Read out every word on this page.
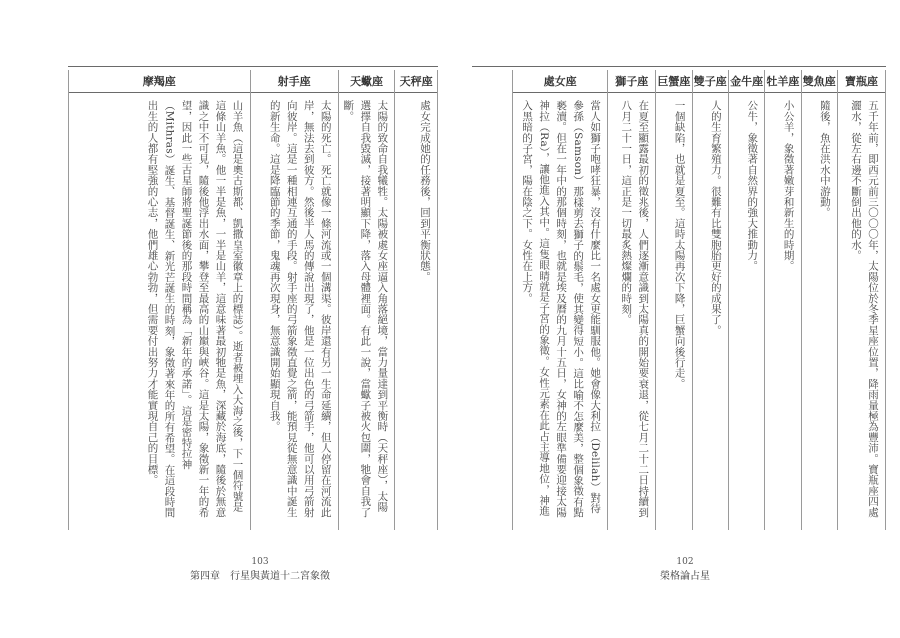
天秤座
處女完成她的任務後，回到平衡狀態。
天蠍座
太陽的致命自我犧牲。太陽被處女座逼入角落絕境，當力量達到平衡時（天秤座），太陽選擇自我毀滅，接著明顯下降，落入母體裡面。有此一說，當蠍子被火包圍，牠會自我了斷。
射手座
太陽的死亡。死亡就像一條河流或一個溝渠。彼岸還有另一生命延續，但人停留在河流此岸，無法去到彼方。然後半人馬的傳說出現了，他是一位出色的弓箭手，他可以用弓箭射向彼岸。這是一種相連互通的手段。射手座的弓箭象徵直覺之箭，能預見從無意識中誕生的新生命。這是降臨節的季節，鬼魂再次現身，無意識開始顯現自我。
摩羯座
山羊魚（這是奧古斯都、凱撒皇室徽章上的標誌）。逝者被埋入大海之後，下一個符號是這條山羊魚。他一半是魚，一半是山羊，這意味著最初牠是魚，深藏於海底，隨後於無意識之中不可見，隨後他浮出水面，攀登至最高的山巔與峽谷。這是太陽，象徵新一年的希望，因此一些古星師將聖誕節後的那段時間稱為「新年的承諾」。這是密特拉神（Mithras）誕生、基督誕生、新光芒誕生的時刻，象徵著來年的所有希望。在這段時間出生的人都有堅強的心志，他們雄心勃勃，但需要付出努力才能實現自己的目標。
103
第四章　行星與黃道十二宮象徵
寶瓶座
五千年前，即西元前三〇〇〇年，太陽位於冬季星座位置，降雨量極為豐沛。寶瓶座四處灑水，從左右邊不斷倒出他的水。
雙魚座
隨後，魚在洪水中游動。
牡羊座
小公羊，象徵著嫩芽和新生的時期。
金牛座
公牛，象徵著自然界的強大推動力。
雙子座
人的生育繁殖力。很難有比雙胞胎更好的成果了。
巨蟹座
一個缺陷，也就是夏至。這時太陽再次下降，巨蟹向後行走。
獅子座
在夏至顯露最初的徵兆後，人們逐漸意識到太陽真的開始要衰退，從七月二十二日持續到八月二十一日，這正是一切最炙熱燦爛的時刻。
處女座
當人如獅子咆哮狂暴，沒有什麼比一名處女更能馴服他。她會像大利拉（Delilah）對待參孫（Samson）那樣剪去獅子的鬃毛，使其變得短小。這比喻不怎麼美，整個象徵有點褻瀆。但在一年中的那個時刻，也就是埃及曆的九月十五日，女神的左眼準備要迎接太陽神拉（Ra），讓他進入其中。這隻眼睛就是子宮的象徵。女性元素在此占主導地位，神進入黑暗的子宮，陽在陰之下。女性在上方。
102
榮格論占星
